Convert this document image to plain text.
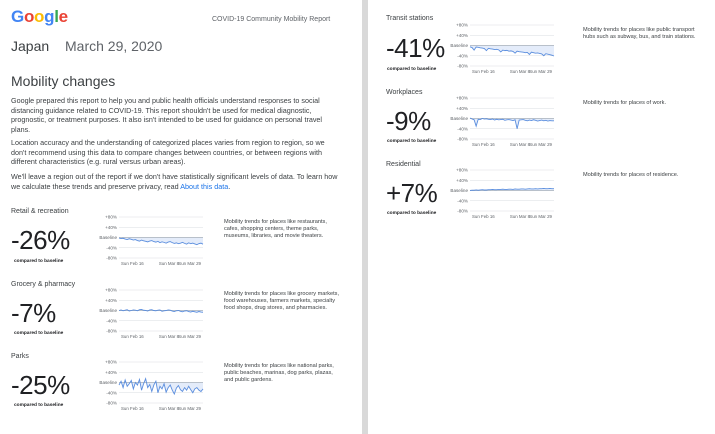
Google	COVID-19 Community Mobility Report
Japan March 29, 2020
Mobility changes
Google prepared this report to help you and public health officials understand responses to social distancing guidance related to COVID-19. This report shouldn't be used for medical diagnostic, prognostic, or treatment purposes. It also isn't intended to be used for guidance on personal travel plans.
Location accuracy and the understanding of categorized places varies from region to region, so we don't recommend using this data to compare changes between countries, or between regions with different characteristics (e.g. rural versus urban areas).
We'll leave a region out of the report if we don't have statistically significant levels of data. To learn how we calculate these trends and preserve privacy, read About this data.
Retail & recreation
-26%
compared to baseline
+80%
+40%
Baseline
-40%
-80%
Sun Feb 16	Sun Mar 8 Sun Mar 29
Mobility trends for places like restaurants, cafes, shopping centers, theme parks, museums, libraries, and movie theaters.
Grocery & pharmacy
-7%
compared to baseline
+80%
+40%
Baseline
-40%
-80%
Sun Feb 16	Sun Mar 8 Sun Mar 29
Mobility trends for places like grocery markets, food warehouses, farmers markets, specialty food shops, drug stores, and pharmacies.
Parks
-25%
compared to baseline
+80%
+40%
Baseline
-40%
-80%
Sun Feb 16	Sun Mar 8 Sun Mar 29
Mobility trends for places like national parks, public beaches, marinas, dog parks, plazas, and public gardens.
Transit stations
-41%
compared to baseline
+80%
+40%
Baseline
-40%
-80%
Sun Feb 16	Sun Mar 8 Sun Mar 29
Mobility trends for places like public transport hubs such as subway, bus, and train stations.
Workplaces
-9%
compared to baseline
+80%
+40%
Baseline
-40%
-80%
Sun Feb 16	Sun Mar 8 Sun Mar 29
Mobility trends for places of work.
Residential
+7%
compared to baseline
+80%
+40%
Baseline
-40%
-80%
Sun Feb 16	Sun Mar 8 Sun Mar 29
Mobility trends for places of residence.
